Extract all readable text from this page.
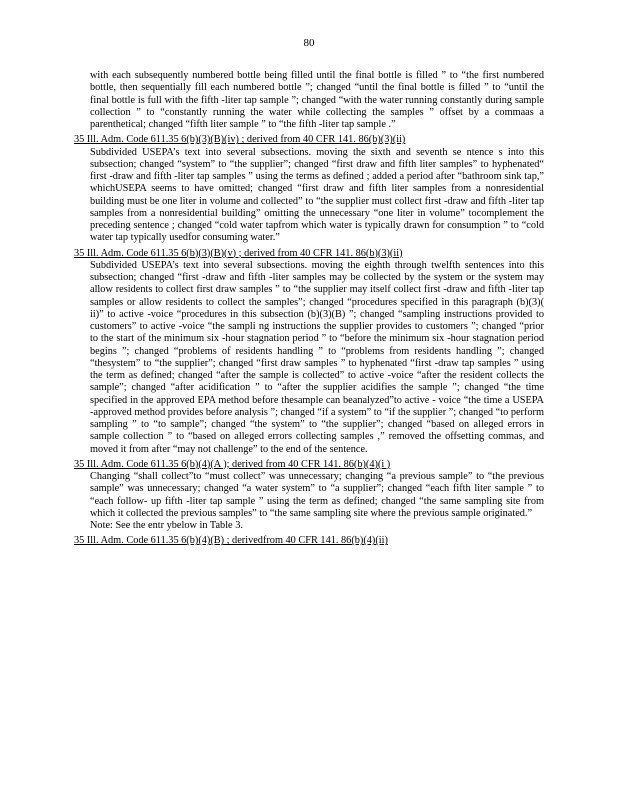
80

with each subsequently numbered bottle being filled until the final bottle is filled ” to “the first numbered bottle, then sequentially fill each numbered bottle ”; changed “until the final bottle is filled ” to “until the final bottle is full with the fifth -liter tap sample ”; changed “with the water running constantly during sample collection ” to “constantly running the water while collecting the samples ” offset by a commaas a parenthetical; changed “fifth liter sample ” to “the fifth -liter tap sample .”

35 Ill. Adm. Code 611.35 6(b)(3)(B)(iv) ; derived from 40 CFR 141. 86(b)(3)(ii)

Subdivided USEPA’s text into several subsections. moving the sixth and seventh se ntence s into this subsection; changed “system” to “the supplier”; changed “first draw and fifth liter samples” to hyphenated“ first -draw and fifth -liter tap samples ” using the terms as defined ; added a period after “bathroom sink tap,” whichUSEPA seems to have omitted; changed “first draw and fifth liter samples from a nonresidential building must be one liter in volume and collected” to “the supplier must collect first -draw and fifth -liter tap samples from a nonresidential building” omitting the unnecessary “one liter in volume” tocomplement the preceding sentence ; changed “cold water tapfrom which water is typically drawn for consumption ” to “cold water tap typically usedfor consuming water.”

35 Ill. Adm. Code 611.35 6(b)(3)(B)(v) ; derived from 40 CFR 141. 86(b)(3)(ii)

Subdivided USEPA’s text into several subsections. moving the eighth through twelfth sentences into this subsection; changed “first -draw and fifth -liter samples may be collected by the system or the system may allow residents to collect first draw samples ” to “the supplier may itself collect first -draw and fifth -liter tap samples or allow residents to collect the samples”; changed “procedures specified in this paragraph (b)(3)( ii)” to active -voice “procedures in this subsection (b)(3)(B) ”; changed “sampling instructions provided to customers” to active -voice “the sampli ng instructions the supplier provides to customers ”; changed “prior to the start of the minimum six -hour stagnation period ” to “before the minimum six -hour stagnation period begins ”; changed “problems of residents handling ” to “problems from residents handling ”; changed “thesystem” to “the supplier”; changed “first draw samples ” to hyphenated “first -draw tap samples ” using the term as defined; changed “after the sample is collected” to active -voice “after the resident collects the sample”; changed “after acidification ” to “after the supplier acidifies the sample ”; changed “the time specified in the approved EPA method before thesample can beanalyzed”to active - voice “the time a USEPA -approved method provides before analysis ”; changed “if a system” to “if the supplier ”; changed “to perform sampling ” to “to sample”; changed “the system” to “the supplier”; changed “based on alleged errors in sample collection ” to “based on alleged errors collecting samples ,” removed the offsetting commas, and moved it from after “may not challenge” to the end of the sentence.

35 Ill. Adm. Code 611.35 6(b)(4)(A ); derived from 40 CFR 141. 86(b)(4)(i )

Changing “shall collect”to “must collect” was unnecessary; changing “a previous sample” to “the previous sample” was unnecessary; changed “a water system” to “a supplier”; changed “each fifth liter sample ” to “each follow- up fifth -liter tap sample ” using the term as defined; changed “the same sampling site from which it collected the previous samples” to “the same sampling site where the previous sample originated.”

Note: See the entr ybelow in Table 3.

35 Ill. Adm. Code 611.35 6(b)(4)(B) ; derivedfrom 40 CFR 141. 86(b)(4)(ii)
